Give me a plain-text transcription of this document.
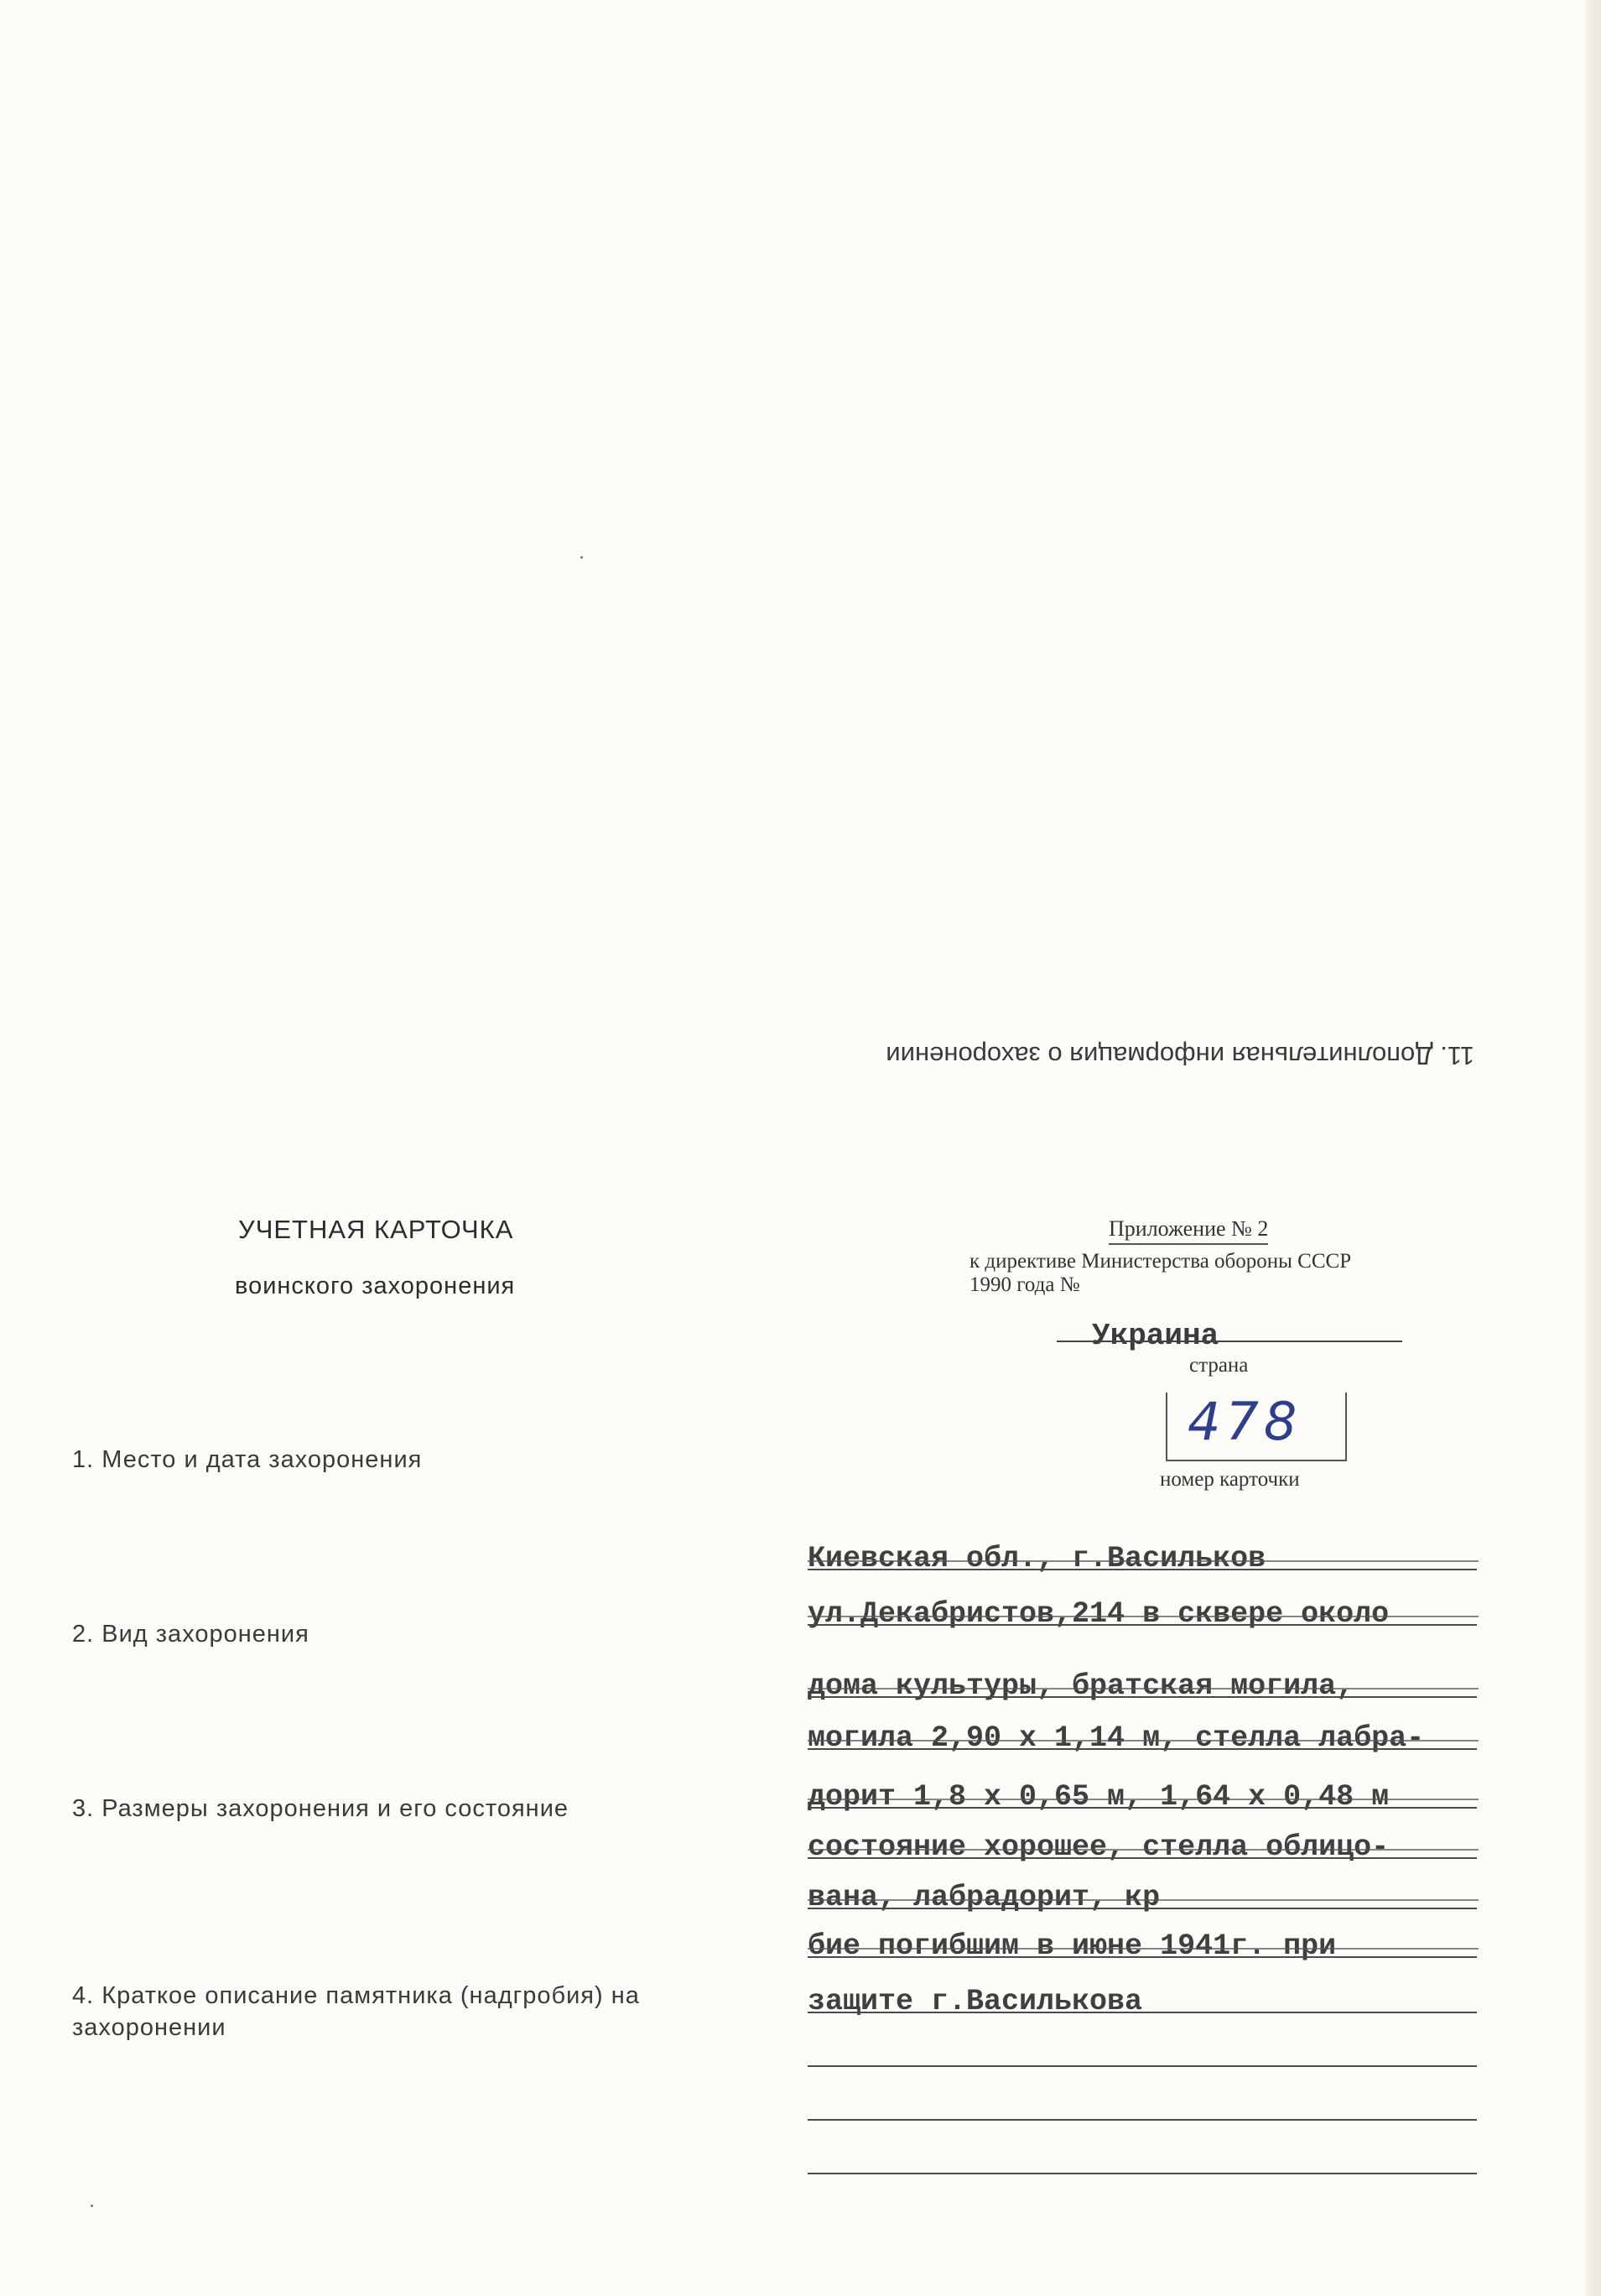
11. Дополнительная информация о захоронении
УЧЕТНАЯ КАРТОЧКА
воинского захоронения
Приложение № 2
к директиве Министерства обороны СССР
1990 года №
Украина
страна
478
номер карточки
1. Место и дата захоронения
2. Вид захоронения
3. Размеры захоронения и его состояние
4. Краткое описание памятника (надгробия) на захоронении
Киевская обл., г.Васильков
ул.Декабристов,214 в сквере около
дома культуры, братская могила,
могила 2,90 х 1,14 м, стелла лабра-
дорит 1,8 х 0,65 м, 1,64 х 0,48 м
состояние хорошее, стелла облицо-
вана, лабрадорит, кр
бие погибшим в июне 1941г. при
защите г.Василькова
